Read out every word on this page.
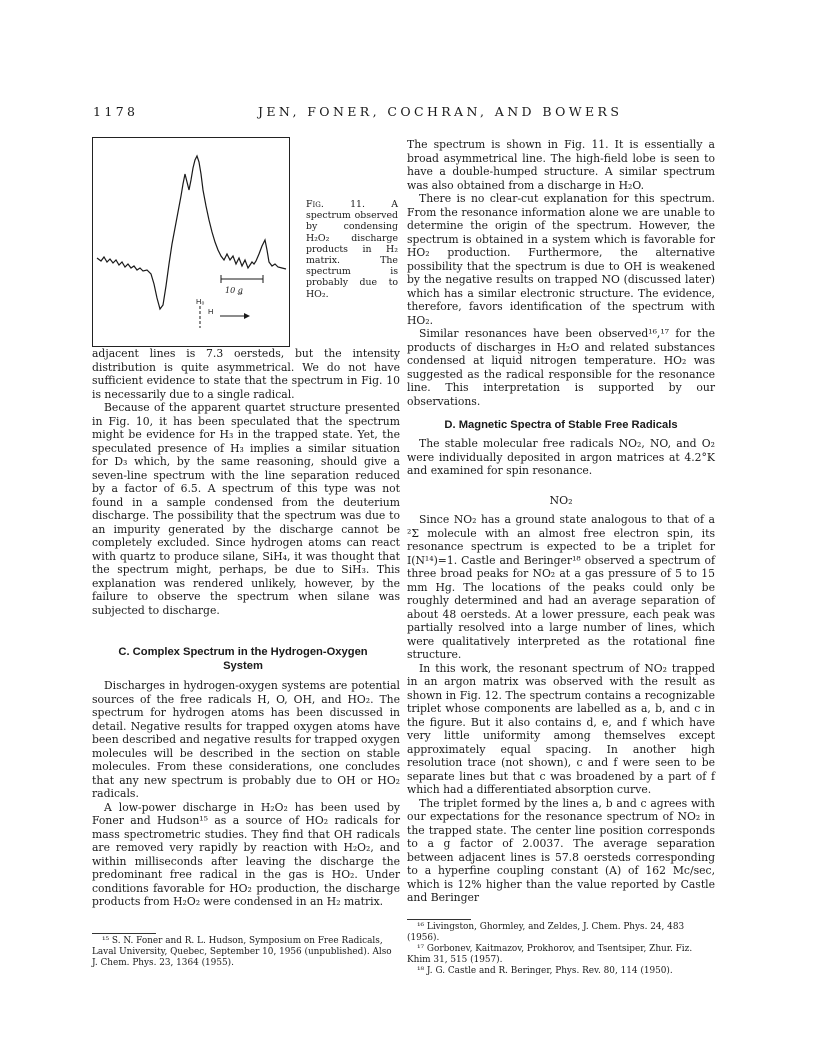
1178	JEN, FONER, COCHRAN, AND BOWERS
10 ǥ
H₀
H
Fig. 11.	A spectrum observed by condensing H₂O₂ discharge products in H₂ matrix. The spectrum is probably due to HO₂.

adjacent lines is 7.3 oersteds, but the intensity distribution is quite asymmetrical. We do not have sufficient evidence to state that the spectrum in Fig. 10 is necessarily due to a single radical.

Because of the apparent quartet structure presented in Fig. 10, it has been speculated that the spectrum might be evidence for H₃ in the trapped state. Yet, the speculated presence of H₃ implies a similar situation for D₃ which, by the same reasoning, should give a seven-line spectrum with the line separation reduced by a factor of 6.5. A spectrum of this type was not found in a sample condensed from the deuterium discharge. The possibility that the spectrum was due to an impurity generated by the discharge cannot be completely excluded. Since hydrogen atoms can react with quartz to produce silane, SiH₄, it was thought that the spectrum might, perhaps, be due to SiH₃. This explanation was rendered unlikely, however, by the failure to observe the spectrum when silane was subjected to discharge.

C. Complex Spectrum in the Hydrogen-Oxygen System

Discharges in hydrogen-oxygen systems are potential sources of the free radicals H, O, OH, and HO₂. The spectrum for hydrogen atoms has been discussed in detail. Negative results for trapped oxygen atoms have been described and negative results for trapped oxygen molecules will be described in the section on stable molecules. From these considerations, one concludes that any new spectrum is probably due to OH or HO₂ radicals.

A low-power discharge in H₂O₂ has been used by Foner and Hudson¹⁵ as a source of HO₂ radicals for mass spectrometric studies. They find that OH radicals are removed very rapidly by reaction with H₂O₂, and within milliseconds after leaving the discharge the predominant free radical in the gas is HO₂. Under conditions favorable for HO₂ production, the discharge products from H₂O₂ were condensed in an H₂ matrix.

¹⁵ S. N. Foner and R. L. Hudson, Symposium on Free Radicals, Laval University, Quebec, September 10, 1956 (unpublished). Also J. Chem. Phys. 23, 1364 (1955).

The spectrum is shown in Fig. 11. It is essentially a broad asymmetrical line. The high-field lobe is seen to have a double-humped structure. A similar spectrum was also obtained from a discharge in H₂O.

There is no clear-cut explanation for this spectrum. From the resonance information alone we are unable to determine the origin of the spectrum. However, the spectrum is obtained in a system which is favorable for HO₂ production. Furthermore, the alternative possibility that the spectrum is due to OH is weakened by the negative results on trapped NO (discussed later) which has a similar electronic structure. The evidence, therefore, favors identification of the spectrum with HO₂.

Similar resonances have been observed¹⁶,¹⁷ for the products of discharges in H₂O and related substances condensed at liquid nitrogen temperature. HO₂ was suggested as the radical responsible for the resonance line. This interpretation is supported by our observations.

D. Magnetic Spectra of Stable Free Radicals

The stable molecular free radicals NO₂, NO, and O₂ were individually deposited in argon matrices at 4.2°K and examined for spin resonance.

NO₂

Since NO₂ has a ground state analogous to that of a ²Σ molecule with an almost free electron spin, its resonance spectrum is expected to be a triplet for I(N¹⁴)=1. Castle and Beringer¹⁸ observed a spectrum of three broad peaks for NO₂ at a gas pressure of 5 to 15 mm Hg. The locations of the peaks could only be roughly determined and had an average separation of about 48 oersteds. At a lower pressure, each peak was partially resolved into a large number of lines, which were qualitatively interpreted as the rotational fine structure.

In this work, the resonant spectrum of NO₂ trapped in an argon matrix was observed with the result as shown in Fig. 12. The spectrum contains a recognizable triplet whose components are labelled as a, b, and c in the figure. But it also contains d, e, and f which have very little uniformity among themselves except approximately equal spacing. In another high resolution trace (not shown), c and f were seen to be separate lines but that c was broadened by a part of f which had a differentiated absorption curve.

The triplet formed by the lines a, b and c agrees with our expectations for the resonance spectrum of NO₂ in the trapped state. The center line position corresponds to a g factor of 2.0037. The average separation between adjacent lines is 57.8 oersteds corresponding to a hyperfine coupling constant (A) of 162 Mc/sec, which is 12% higher than the value reported by Castle and Beringer

¹⁶ Livingston, Ghormley, and Zeldes, J. Chem. Phys. 24, 483 (1956).

¹⁷ Gorbonev, Kaitmazov, Prokhorov, and Tsentsiper, Zhur. Fiz. Khim 31, 515 (1957).

¹⁸ J. G. Castle and R. Beringer, Phys. Rev. 80, 114 (1950).
